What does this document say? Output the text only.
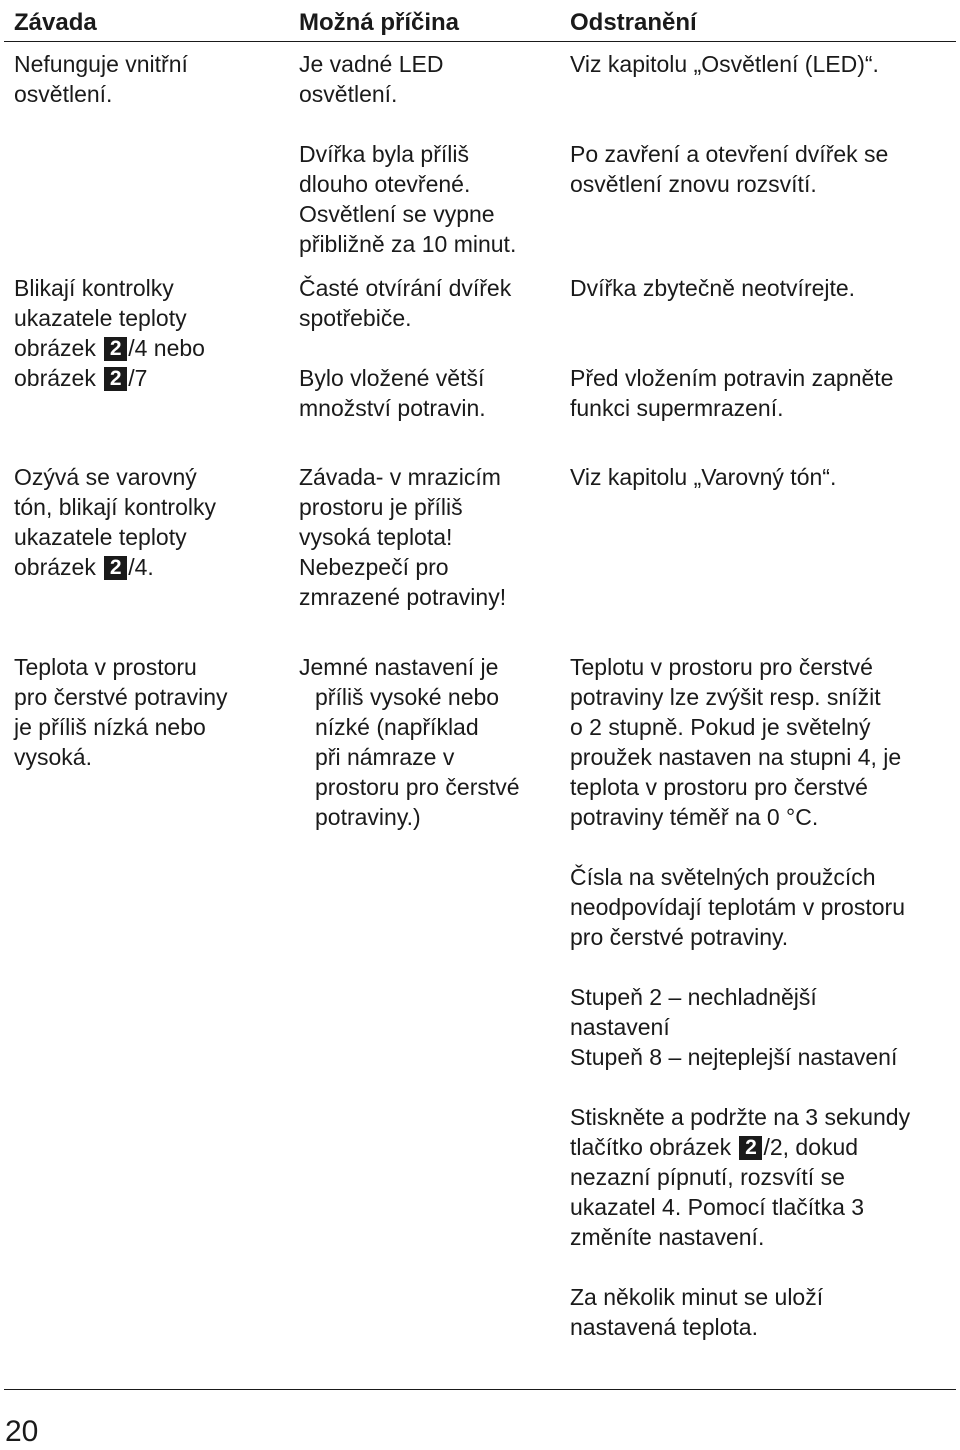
Závada	Možná příčina	Odstranění
Nefunguje vnitřní
osvětlení.
Je vadné LED
osvětlení.
Viz kapitolu „Osvětlení (LED)“.
Dvířka byla příliš
dlouho otevřené.
Osvětlení se vypne
přibližně za 10 minut.
Po zavření a otevření dvířek se
osvětlení znovu rozsvítí.
Blikají kontrolky
ukazatele teploty
obrázek 2 /4 nebo
obrázek 2 /7
Časté otvírání dvířek
spotřebiče.
Dvířka zbytečně neotvírejte.
Bylo vložené větší
množství potravin.
Před vložením potravin zapněte
funkci supermrazení.
Ozývá se varovný
tón, blikají kontrolky
ukazatele teploty
obrázek 2 /4.
Závada- v mrazicím
prostoru je příliš
vysoká teplota!
Nebezpečí pro
zmrazené potraviny!
Viz kapitolu „Varovný tón“.
Teplota v prostoru
pro čerstvé potraviny
je příliš nízká nebo
vysoká.
Jemné nastavení je
příliš vysoké nebo
nízké (například
při námraze v
prostoru pro čerstvé
potraviny.)
Teplotu v prostoru pro čerstvé
potraviny lze zvýšit resp. snížit
o 2 stupně. Pokud je světelný
proužek nastaven na stupni 4, je
teplota v prostoru pro čerstvé
potraviny téměř na 0 °C.
Čísla na světelných proužcích
neodpovídají teplotám v prostoru
pro čerstvé potraviny.
Stupeň 2 – nechladnější
nastavení
Stupeň 8 – nejteplejší nastavení
Stiskněte a podržte na 3 sekundy
tlačítko obrázek 2 /2, dokud
nezazní pípnutí, rozsvítí se
ukazatel 4. Pomocí tlačítka 3
změníte nastavení.
Za několik minut se uloží
nastavená teplota.
20
